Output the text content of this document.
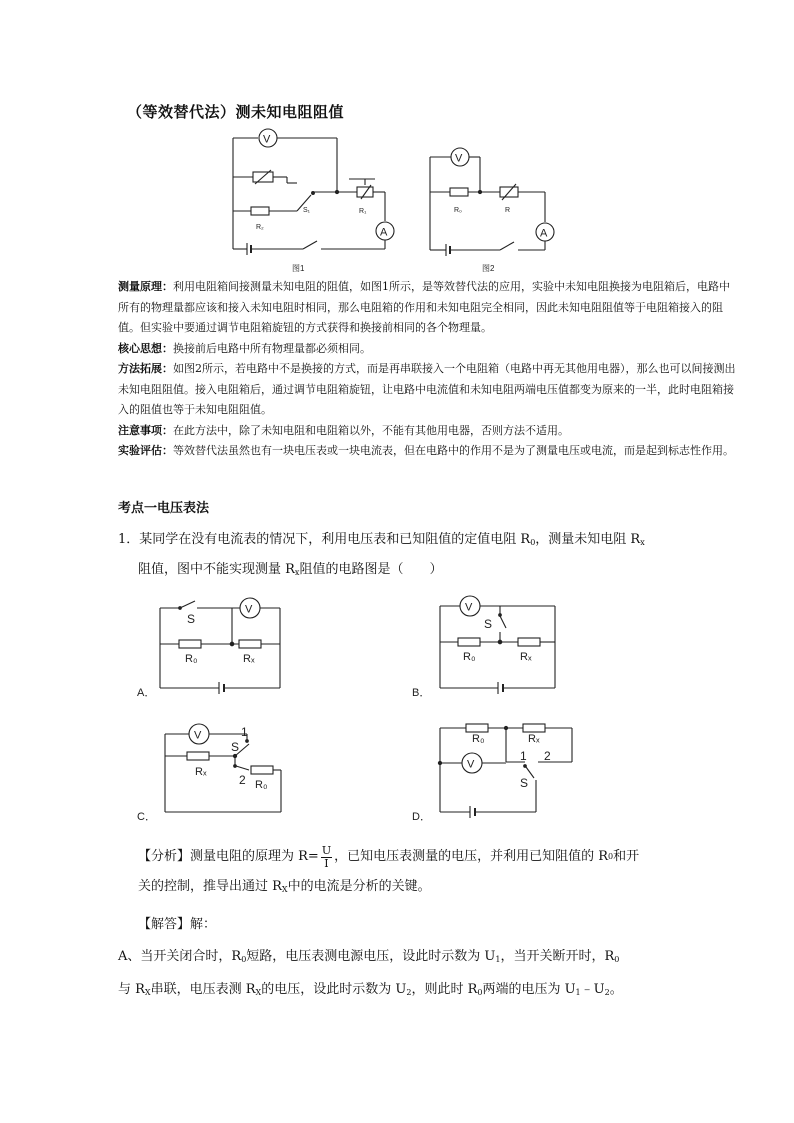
（等效替代法）测未知电阻阻值
V
R₂
S₁	R₁
A
图1
V
R₀	R
A
图2
测量原理：利用电阻箱间接测量未知电阻的阻值，如图1所示，是等效替代法的应用，实验中未知电阻换接为电阻箱后，电路中所有的物理量都应该和接入未知电阻时相同，那么电阻箱的作用和未知电阻完全相同，因此未知电阻阻值等于电阻箱接入的阻值。但实验中要通过调节电阻箱旋钮的方式获得和换接前相同的各个物理量。
核心思想：换接前后电路中所有物理量都必须相同。
方法拓展：如图2所示，若电路中不是换接的方式，而是再串联接入一个电阻箱（电路中再无其他用电器），那么也可以间接测出未知电阻阻值。接入电阻箱后，通过调节电阻箱旋钮，让电路中电流值和未知电阻两端电压值都变为原来的一半，此时电阻箱接入的阻值也等于未知电阻阻值。
注意事项：在此方法中，除了未知电阻和电阻箱以外，不能有其他用电器，否则方法不适用。
实验评估：等效替代法虽然也有一块电压表或一块电流表，但在电路中的作用不是为了测量电压或电流，而是起到标志性作用。
考点一电压表法
1．某同学在没有电流表的情况下，利用电压表和已知阻值的定值电阻 $R_0$，测量未知电阻 $R_x$
阻值，图中不能实现测量 $R_x$阻值的电路图是（　　）
S
V
R₀	Rₓ
A．
V
S
R₀	Rₓ
B．
V	1
S
Rₓ
2 R₀
C．
R₀	Rₓ
2
1
S
V
D．
【分析】 测量电阻的原理为 $R= \frac{U}{I}$ ，已知电压表测量的电压，并利用已知阻值的 R 0 和开
关的控制，推导出通过 $R_X$中的电流是分析的关键。
【解答】解：
A、当开关闭合时，$R_0$短路，电压表测电源电压，设此时示数为 $U_1$，当开关断开时，$R_0$
与 $R_X$串联，电压表测 $R_X$的电压，设此时示数为 $U_2$，则此时 $R_0$两端的电压为 $U_1﹣U_2$。
